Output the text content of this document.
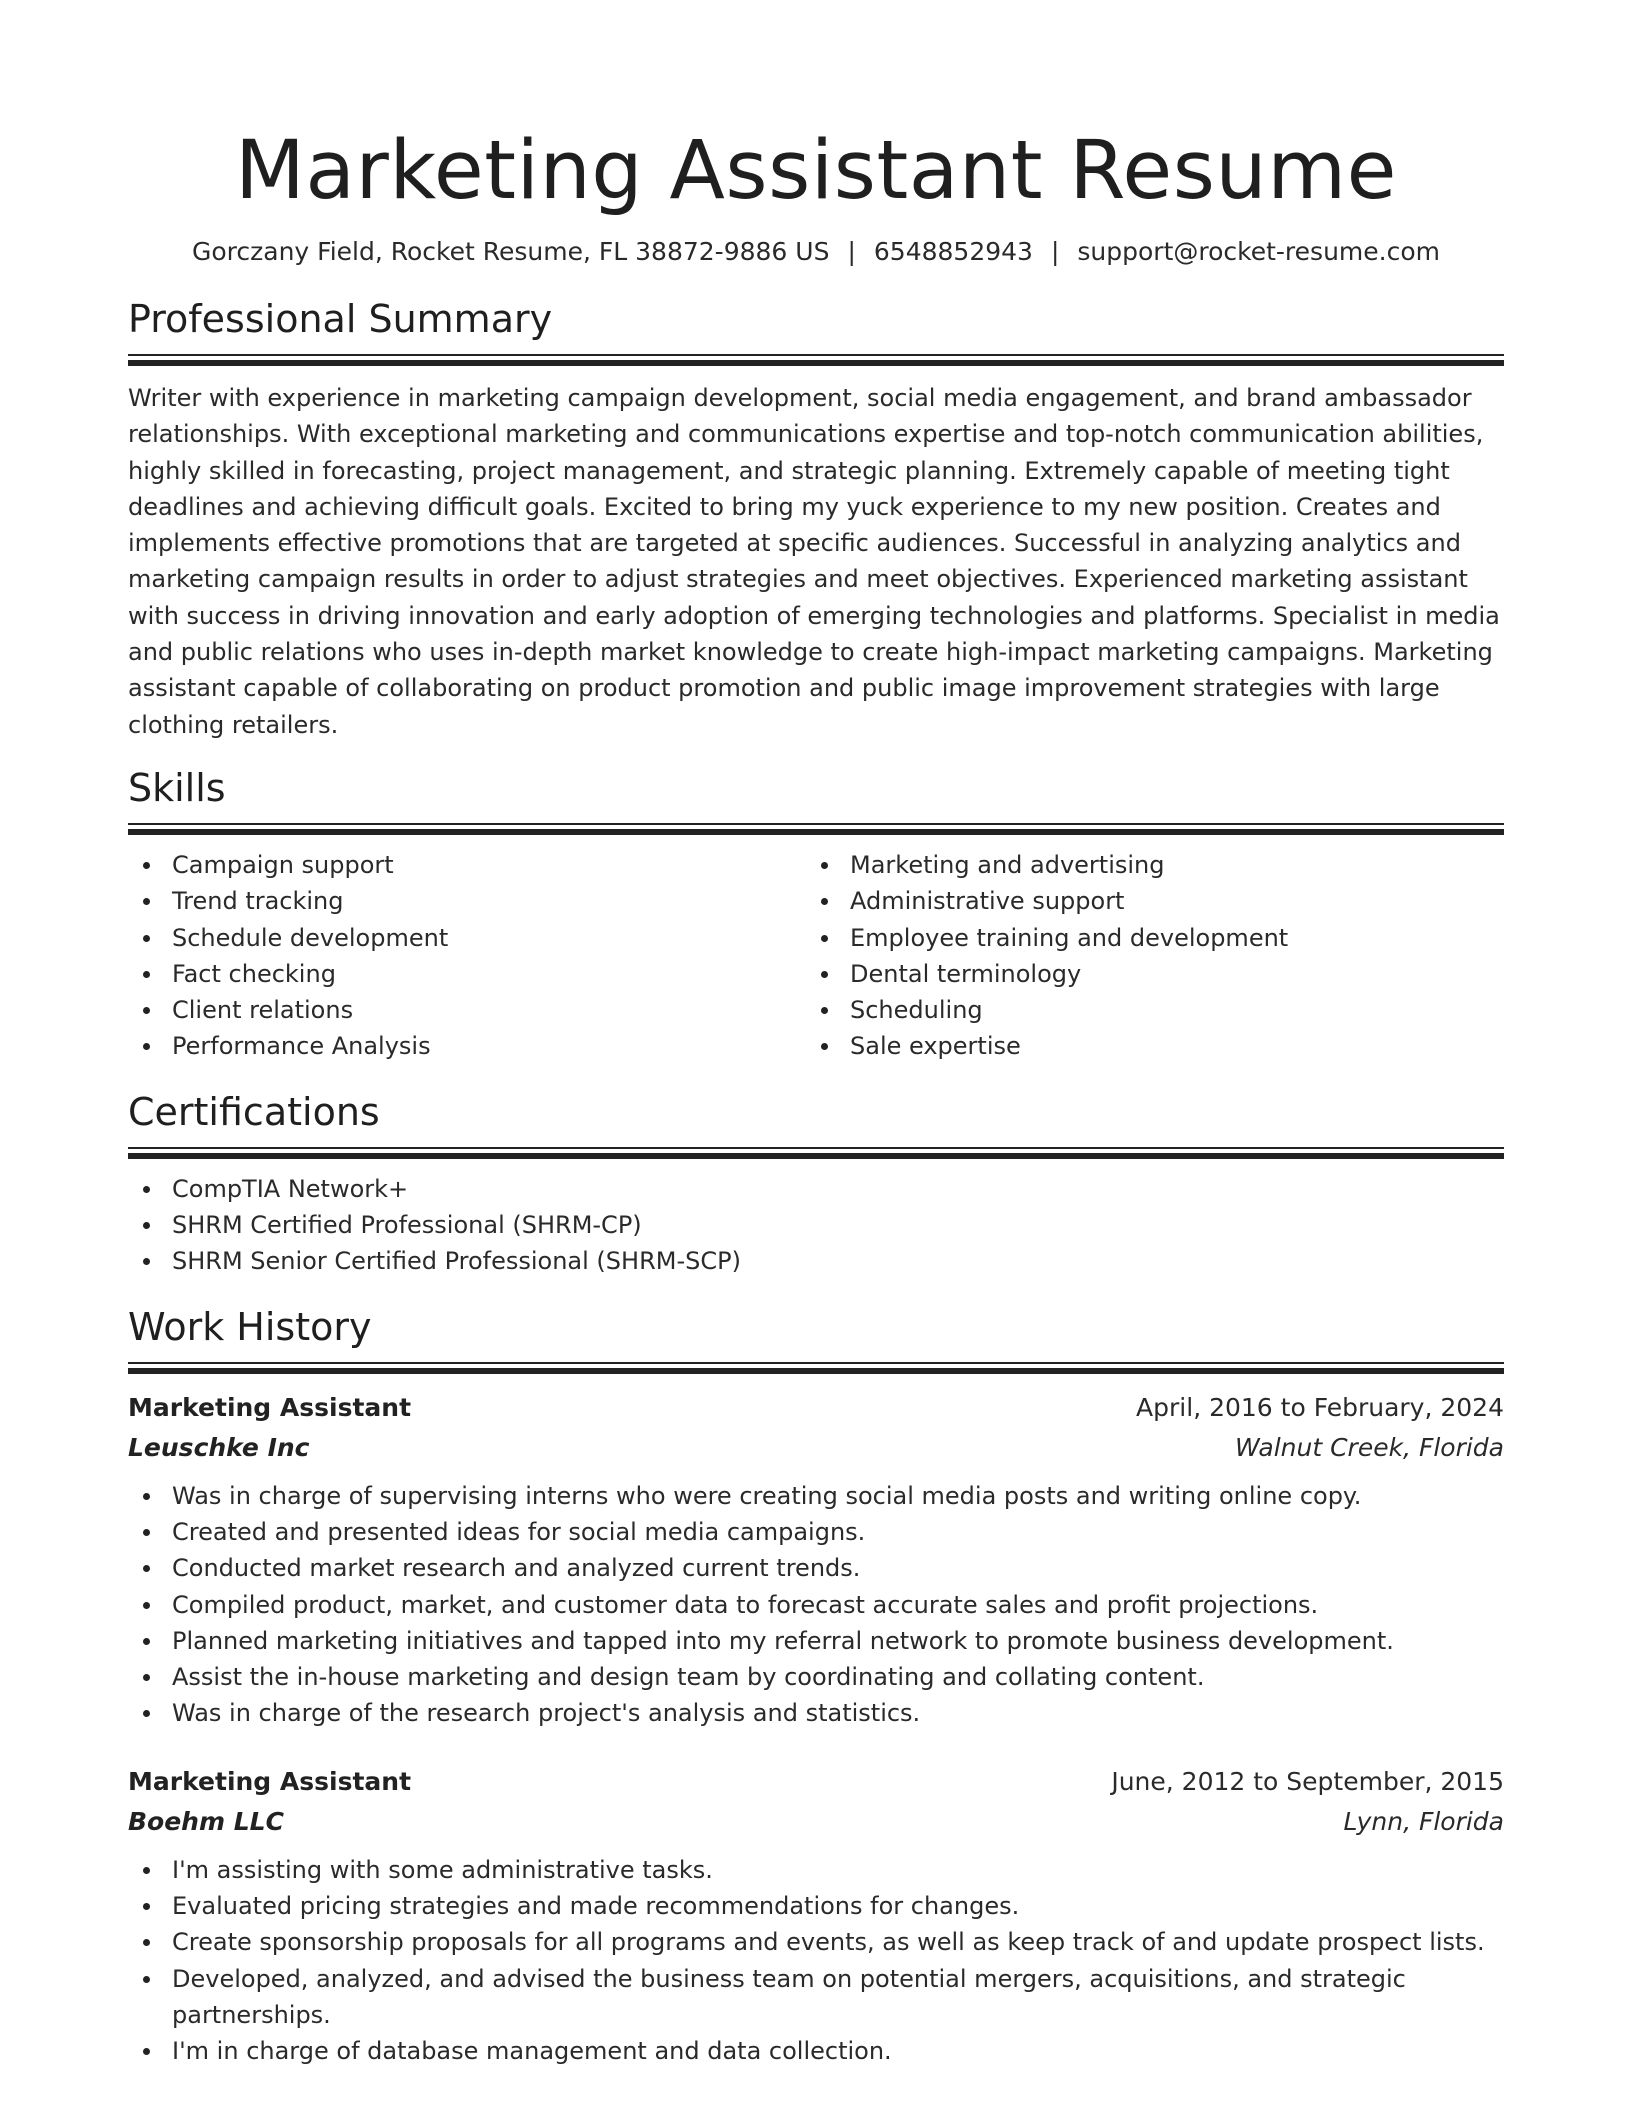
Marketing Assistant Resume
Gorczany Field, Rocket Resume, FL 38872-9886 US | 6548852943 | support@rocket-resume.com
Professional Summary

Writer with experience in marketing campaign development, social media engagement, and brand ambassador relationships. With exceptional marketing and communications expertise and top-notch communication abilities, highly skilled in forecasting, project management, and strategic planning. Extremely capable of meeting tight deadlines and achieving difficult goals. Excited to bring my yuck experience to my new position. Creates and implements effective promotions that are targeted at specific audiences. Successful in analyzing analytics and marketing campaign results in order to adjust strategies and meet objectives. Experienced marketing assistant with success in driving innovation and early adoption of emerging technologies and platforms. Specialist in media and public relations who uses in-depth market knowledge to create high-impact marketing campaigns. Marketing assistant capable of collaborating on product promotion and public image improvement strategies with large clothing retailers.

Skills
Campaign support
Trend tracking
Schedule development
Fact checking
Client relations
Performance Analysis
Marketing and advertising
Administrative support
Employee training and development
Dental terminology
Scheduling
Sale expertise
Certifications
CompTIA Network+
SHRM Certified Professional (SHRM-CP)
SHRM Senior Certified Professional (SHRM-SCP)
Work History
Marketing Assistant	April, 2016 to February, 2024
Leuschke Inc	Walnut Creek, Florida
Was in charge of supervising interns who were creating social media posts and writing online copy.
Created and presented ideas for social media campaigns.
Conducted market research and analyzed current trends.
Compiled product, market, and customer data to forecast accurate sales and profit projections.
Planned marketing initiatives and tapped into my referral network to promote business development.
Assist the in-house marketing and design team by coordinating and collating content.
Was in charge of the research project's analysis and statistics.
Marketing Assistant	June, 2012 to September, 2015
Boehm LLC	Lynn, Florida
I'm assisting with some administrative tasks.
Evaluated pricing strategies and made recommendations for changes.
Create sponsorship proposals for all programs and events, as well as keep track of and update prospect lists.
Developed, analyzed, and advised the business team on potential mergers, acquisitions, and strategic partnerships.
I'm in charge of database management and data collection.
